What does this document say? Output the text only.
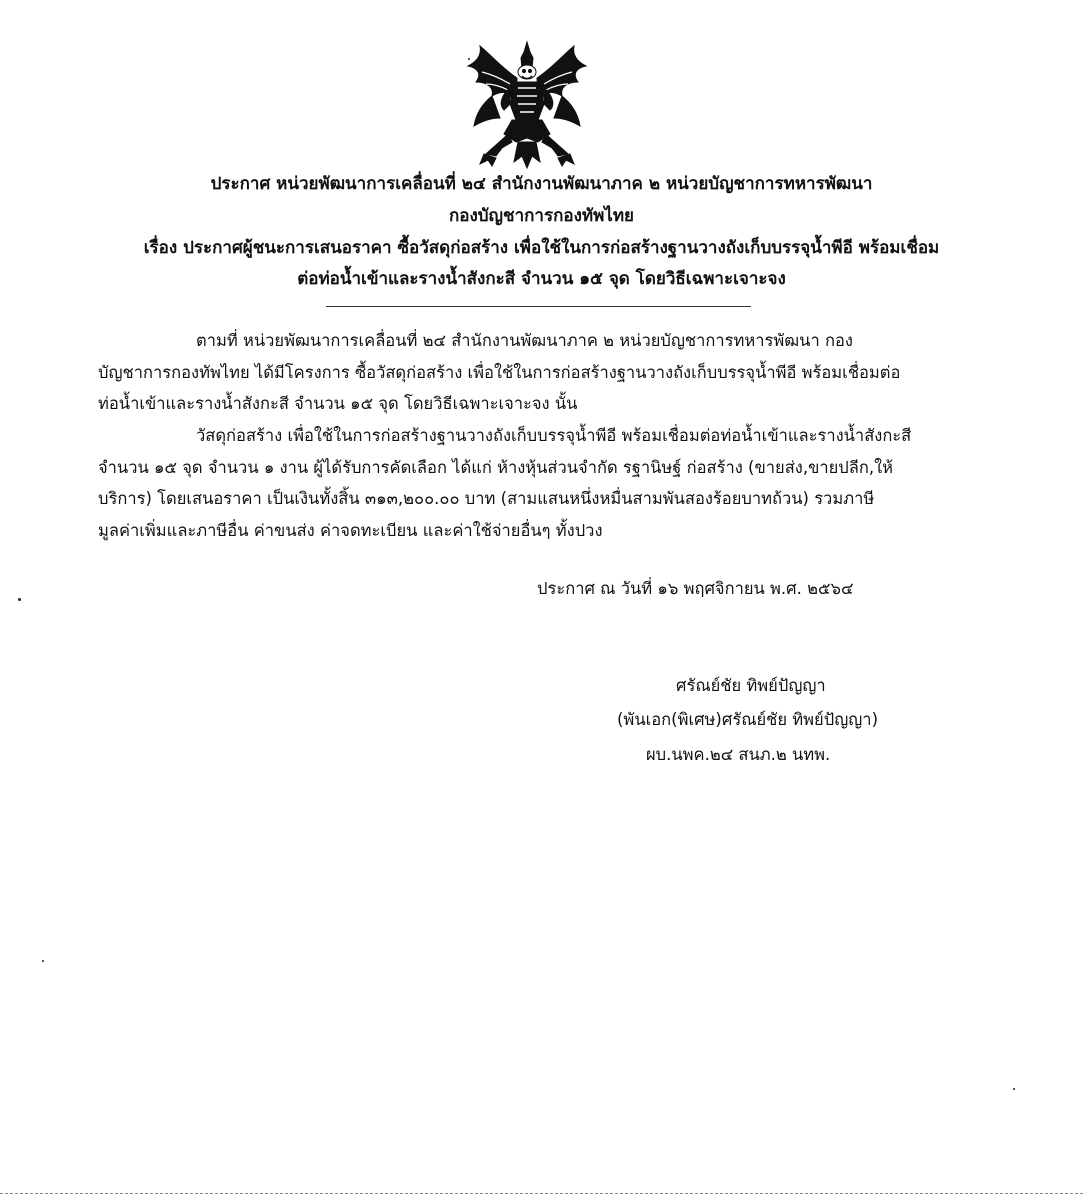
ประกาศ หน่วยพัฒนาการเคลื่อนที่ ๒๔ สำนักงานพัฒนาภาค ๒ หน่วยบัญชาการทหารพัฒนา
กองบัญชาการกองทัพไทย
เรื่อง ประกาศผู้ชนะการเสนอราคา ซื้อวัสดุก่อสร้าง เพื่อใช้ในการก่อสร้างฐานวางถังเก็บบรรจุน้ำพีอี พร้อมเชื่อม
ต่อท่อน้ำเข้าและรางน้ำสังกะสี จำนวน ๑๕ จุด โดยวิธีเฉพาะเจาะจง
ตามที่ หน่วยพัฒนาการเคลื่อนที่ ๒๔ สำนักงานพัฒนาภาค ๒ หน่วยบัญชาการทหารพัฒนา กอง
บัญชาการกองทัพไทย ได้มีโครงการ ซื้อวัสดุก่อสร้าง เพื่อใช้ในการก่อสร้างฐานวางถังเก็บบรรจุน้ำพีอี พร้อมเชื่อมต่อ
ท่อน้ำเข้าและรางน้ำสังกะสี จำนวน ๑๕ จุด โดยวิธีเฉพาะเจาะจง นั้น
วัสดุก่อสร้าง เพื่อใช้ในการก่อสร้างฐานวางถังเก็บบรรจุน้ำพีอี พร้อมเชื่อมต่อท่อน้ำเข้าและรางน้ำสังกะสี
จำนวน ๑๕ จุด จำนวน ๑ งาน ผู้ได้รับการคัดเลือก ได้แก่ ห้างหุ้นส่วนจำกัด รฐานิษฐ์ ก่อสร้าง (ขายส่ง,ขายปลีก,ให้
บริการ) โดยเสนอราคา เป็นเงินทั้งสิ้น ๓๑๓,๒๐๐.๐๐ บาท (สามแสนหนึ่งหมื่นสามพันสองร้อยบาทถ้วน) รวมภาษี
มูลค่าเพิ่มและภาษีอื่น ค่าขนส่ง ค่าจดทะเบียน และค่าใช้จ่ายอื่นๆ ทั้งปวง
ประกาศ ณ วันที่ ๑๖ พฤศจิกายน พ.ศ. ๒๕๖๔
ศรัณย์ชัย ทิพย์ปัญญา
(พันเอก(พิเศษ)ศรัณย์ชัย ทิพย์ปัญญา)
ผบ.นพค.๒๔ สนภ.๒ นทพ.
